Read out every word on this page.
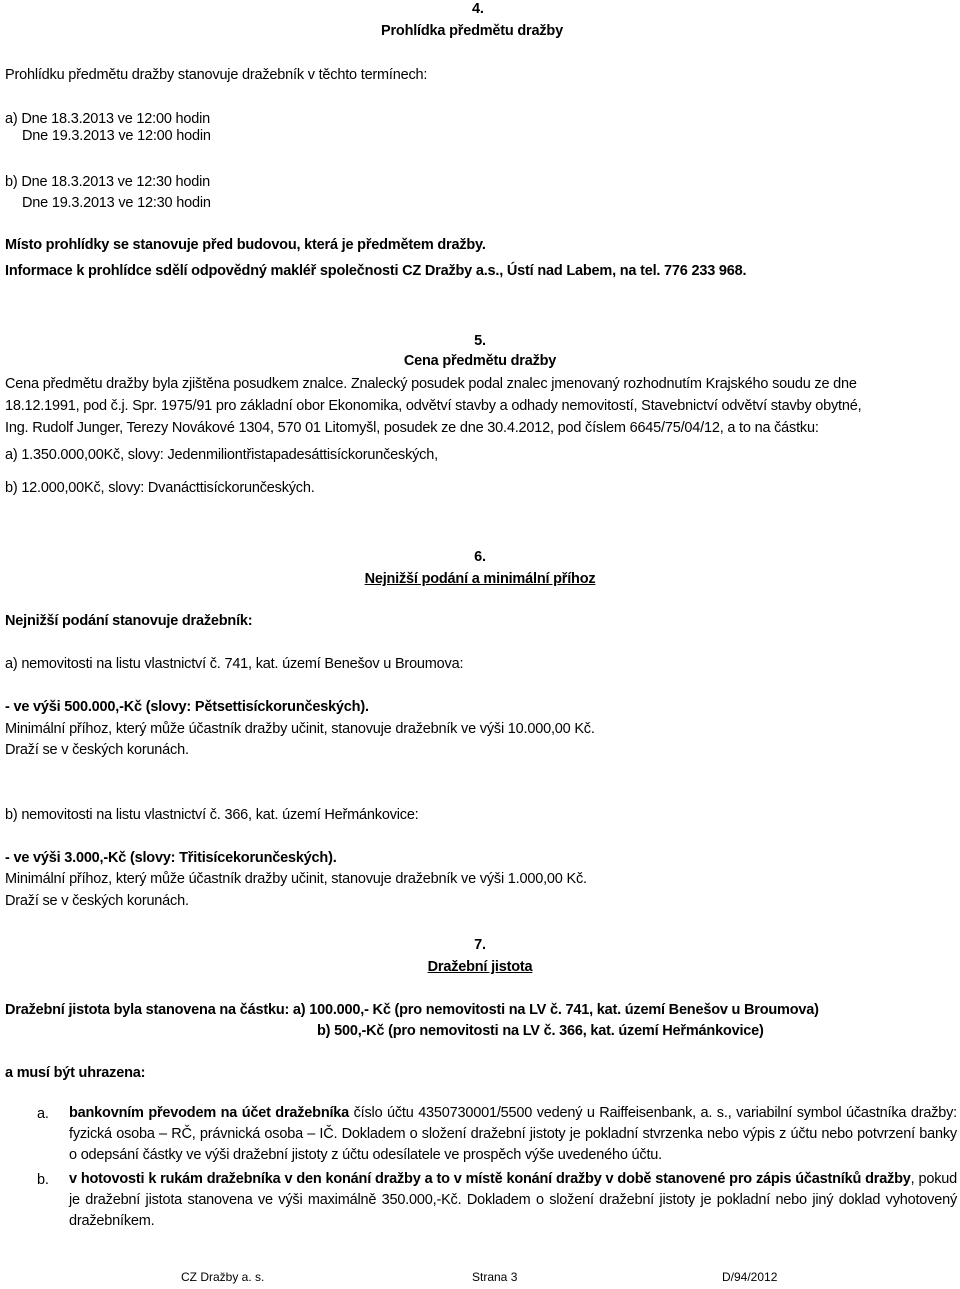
4.
Prohlídka předmětu dražby
Prohlídku předmětu dražby stanovuje dražebník v těchto termínech:
a) Dne 18.3.2013 ve 12:00 hodin
Dne 19.3.2013 ve 12:00 hodin
b) Dne 18.3.2013 ve 12:30 hodin
Dne 19.3.2013 ve 12:30 hodin
Místo prohlídky se stanovuje před budovou, která je předmětem dražby.
Informace k prohlídce sdělí odpovědný makléř společnosti CZ Dražby a.s., Ústí nad Labem, na tel. 776 233 968.
5.
Cena předmětu dražby
Cena předmětu dražby byla zjištěna posudkem znalce. Znalecký posudek podal znalec jmenovaný rozhodnutím Krajského soudu ze dne
18.12.1991, pod č.j. Spr. 1975/91 pro základní obor Ekonomika, odvětví stavby a odhady nemovitostí, Stavebnictví odvětví stavby obytné,
Ing. Rudolf Junger, Terezy Novákové 1304, 570 01 Litomyšl, posudek ze dne 30.4.2012, pod číslem 6645/75/04/12, a to na částku:
a) 1.350.000,00Kč, slovy: Jedenmiliontřistapadesáttisíckorunčeských,
b) 12.000,00Kč, slovy: Dvanácttisíckorunčeských.
6.
Nejnižší podání a minimální příhoz
Nejnižší podání stanovuje dražebník:
a) nemovitosti na listu vlastnictví č. 741, kat. území Benešov u Broumova:
- ve výši 500.000,-Kč (slovy: Pětsettisíckorunčeských).
Minimální příhoz, který může účastník dražby učinit, stanovuje dražebník ve výši 10.000,00 Kč.
Draží se v českých korunách.
b) nemovitosti na listu vlastnictví č. 366, kat. území Heřmánkovice:
- ve výši 3.000,-Kč (slovy: Třitisícekorunčeských).
Minimální příhoz, který může účastník dražby učinit, stanovuje dražebník ve výši 1.000,00 Kč.
Draží se v českých korunách.
7.
Dražební jistota
Dražební jistota byla stanovena na částku: a) 100.000,- Kč (pro nemovitosti na LV č. 741, kat. území Benešov u Broumova)
b) 500,-Kč (pro nemovitosti na LV č. 366, kat. území Heřmánkovice)
a musí být uhrazena:
a. bankovním převodem na účet dražebníka číslo účtu 4350730001/5500 vedený u Raiffeisenbank, a. s., variabilní symbol účastníka dražby: fyzická osoba – RČ, právnická osoba – IČ. Dokladem o složení dražební jistoty je pokladní stvrzenka nebo výpis z účtu nebo potvrzení banky o odepsání částky ve výši dražební jistoty z účtu odesílatele ve prospěch výše uvedeného účtu.
b. v hotovosti k rukám dražebníka v den konání dražby a to v místě konání dražby v době stanovené pro zápis účastníků dražby, pokud je dražební jistota stanovena ve výši maximálně 350.000,-Kč. Dokladem o složení dražební jistoty je pokladní nebo jiný doklad vyhotovený dražebníkem.
CZ Dražby a. s.	Strana 3	D/94/2012
